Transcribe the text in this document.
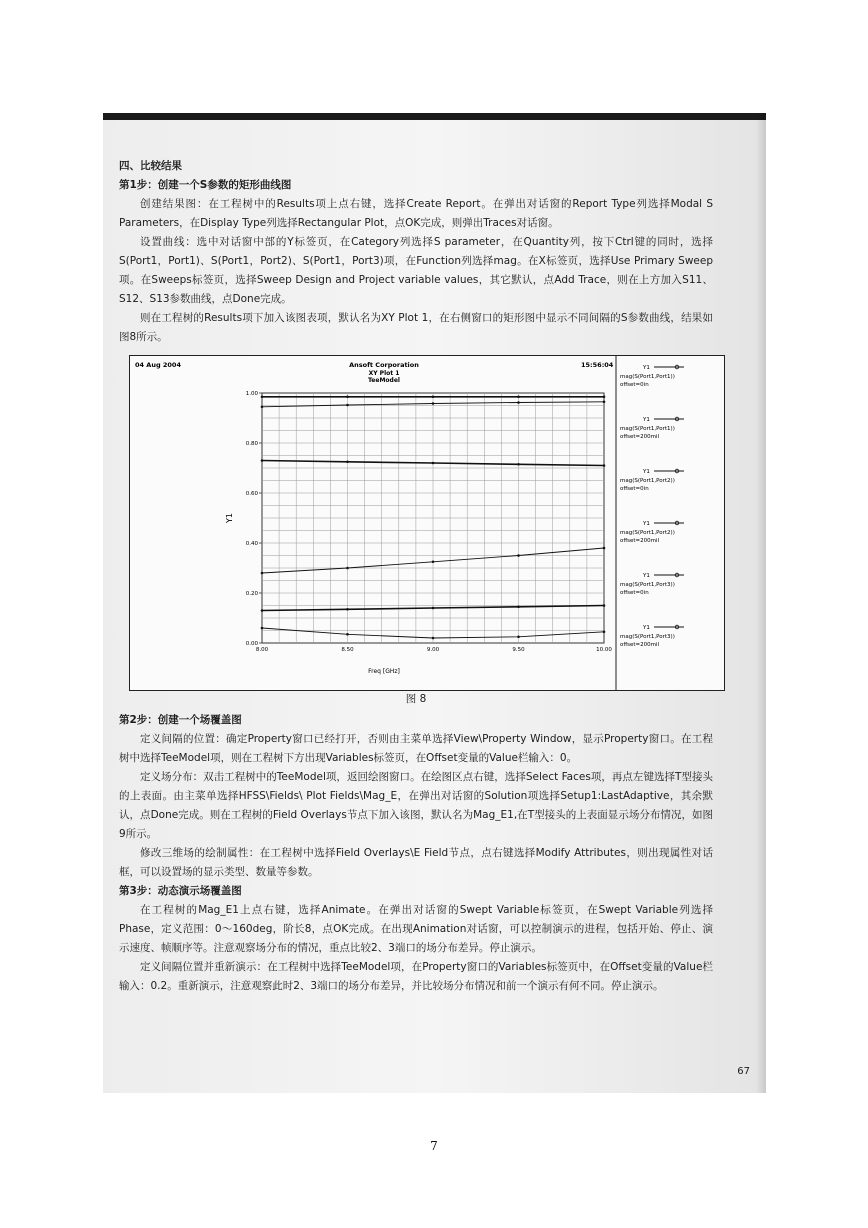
四、比较结果

第1步：创建一个S参数的矩形曲线图

创建结果图：在工程树中的Results项上点右键，选择Create Report。在弹出对话窗的Report Type列选择Modal S Parameters，在Display Type列选择Rectangular Plot，点OK完成，则弹出Traces对话窗。

设置曲线：选中对话窗中部的Y标签页，在Category列选择S parameter，在Quantity列，按下Ctrl键的同时，选择S(Port1，Port1)、S(Port1，Port2)、S(Port1，Port3)项，在Function列选择mag。在X标签页，选择Use Primary Sweep项。在Sweeps标签页，选择Sweep Design and Project variable values，其它默认，点Add Trace，则在上方加入S11、S12、S13参数曲线，点Done完成。

则在工程树的Results项下加入该图表项，默认名为XY Plot 1，在右侧窗口的矩形图中显示不同间隔的S参数曲线，结果如图8所示。

04 Aug 2004	Ansoft Corporation
XY Plot 1
TeeModel
15:56:04
8.00	8.50	9.00	9.50	10.00
0.00
0.20
0.40
0.60
0.80
1.00
Freq [GHz]
Y1
Y1
mag(S(Port1,Port1))
offset=0in
Y1
mag(S(Port1,Port1))
offset=200mil
Y1
mag(S(Port1,Port2))
offset=0in
Y1
mag(S(Port1,Port2))
offset=200mil
Y1
mag(S(Port1,Port3))
offset=0in
Y1
mag(S(Port1,Port3))
offset=200mil

图 8

第2步：创建一个场覆盖图

定义间隔的位置：确定Property窗口已经打开，否则由主菜单选择View\Property Window，显示Property窗口。在工程树中选择TeeModel项，则在工程树下方出现Variables标签页，在Offset变量的Value栏输入：0。

定义场分布：双击工程树中的TeeModel项，返回绘图窗口。在绘图区点右键，选择Select Faces项，再点左键选择T型接头的上表面。由主菜单选择HFSS\Fields\ Plot Fields\Mag_E，在弹出对话窗的Solution项选择Setup1:LastAdaptive，其余默认，点Done完成。则在工程树的Field Overlays节点下加入该图，默认名为Mag_E1,在T型接头的上表面显示场分布情况，如图9所示。

修改三维场的绘制属性：在工程树中选择Field Overlays\E Field节点，点右键选择Modify Attributes，则出现属性对话框，可以设置场的显示类型、数量等参数。

第3步：动态演示场覆盖图

在工程树的Mag_E1上点右键，选择Animate。在弹出对话窗的Swept Variable标签页，在Swept Variable列选择Phase，定义范围：0～160deg，阶长8，点OK完成。在出现Animation对话窗，可以控制演示的进程，包括开始、停止、演示速度、帧顺序等。注意观察场分布的情况，重点比较2、3端口的场分布差异。停止演示。

定义间隔位置并重新演示：在工程树中选择TeeModel项，在Property窗口的Variables标签页中，在Offset变量的Value栏输入：0.2。重新演示，注意观察此时2、3端口的场分布差异，并比较场分布情况和前一个演示有何不同。停止演示。

67
7
